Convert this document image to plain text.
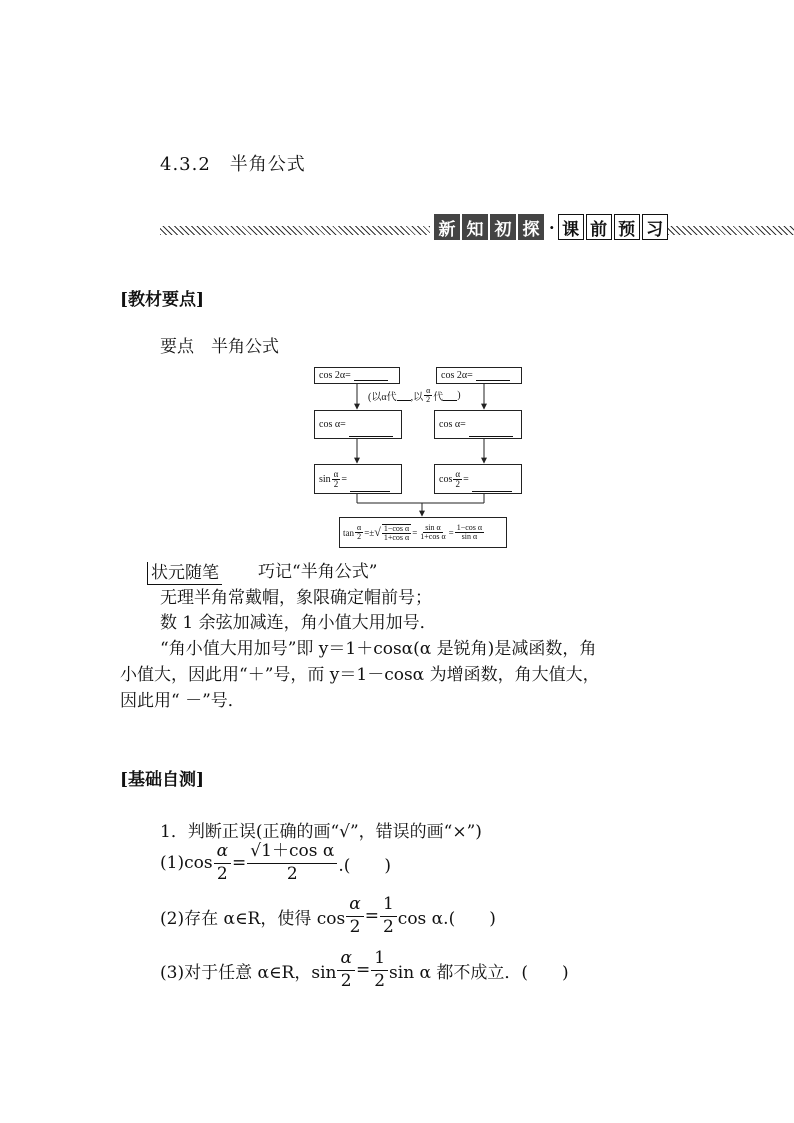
4.3.2　半角公式
新 知 初 探 · 课 前 预 习
[教材要点]
要点　半角公式
cos 2α=	cos 2α=
(以α代 ,以 $\frac{\alpha}{2}$ 代 )
cos α=	cos α=
$\sin \frac{\alpha}{2}$ =	$\cos \frac{\alpha}{2}$ =
$\tan \frac{\alpha}{2}$ =± √ $\frac{\text{1−cos α}}{\text{1+cos α}} = \frac{\text{sin α}}{\text{1+cos α}} = \frac{\text{1−cos α}}{\text{sin α}}$
状元随笔 巧记“半角公式”
无理半角常戴帽，象限确定帽前号；
数 1 余弦加减连，角小值大用加号．
“角小值大用加号”即 y＝1＋cosα(α 是锐角)是减函数，角
小值大，因此用“＋”号，而 y＝1－cosα 为增函数，角大值大，
因此用“ －”号．
[基础自测]
1．判断正误(正确的画“√”，错误的画“×”)
$(1)\cos \frac{\alpha}{2} = \frac{\text{√1＋cos α}}{2}$ .(　　)
(2)存在 α∈R，使得 $\cos \frac{\alpha}{2} = \frac{1}{2}$ cos α.(　　)
(3)对于任意 α∈R，$\sin \frac{\alpha}{2} = \frac{1}{2}$ sin α 都不成立．(　　)
